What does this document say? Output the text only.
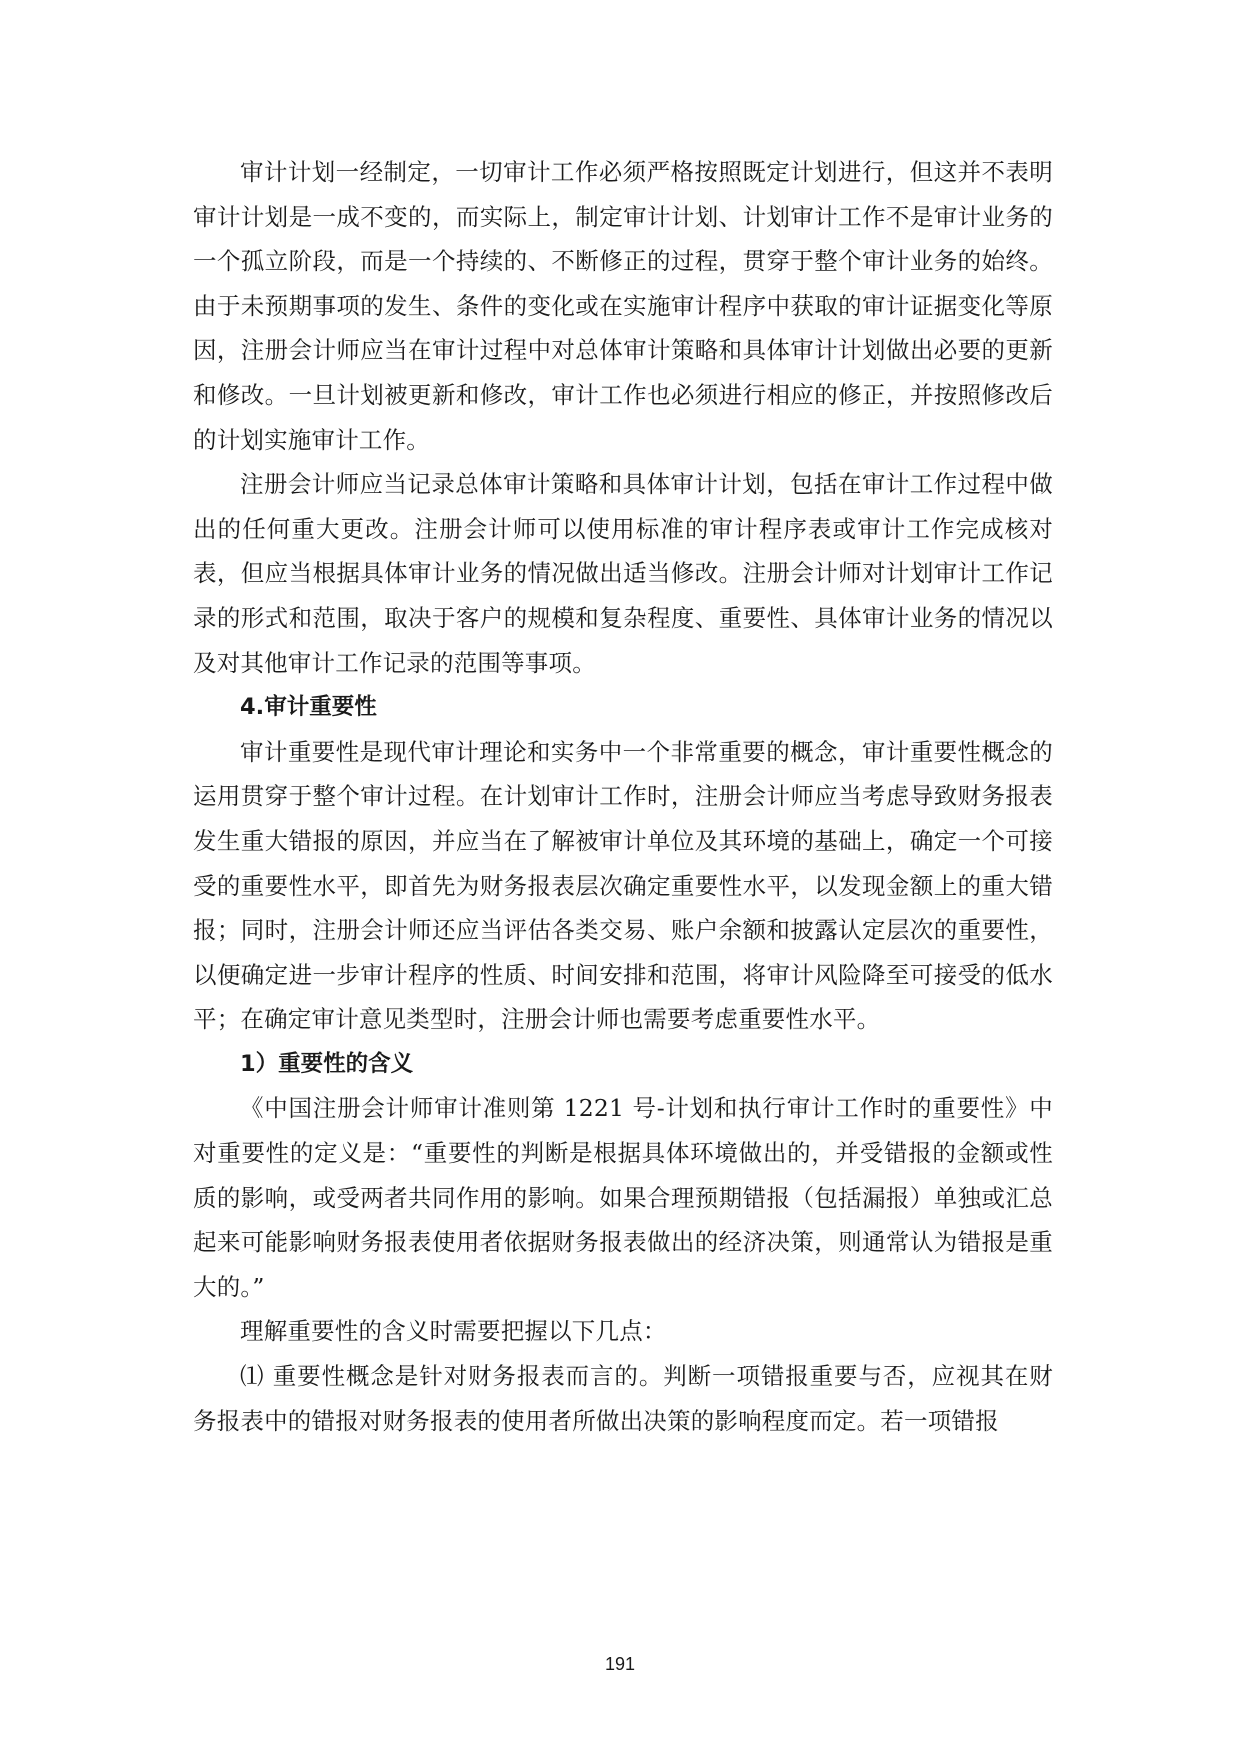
审计计划一经制定，一切审计工作必须严格按照既定计划进行，但这并不表明审计计划是一成不变的，而实际上，制定审计计划、计划审计工作不是审计业务的一个孤立阶段，而是一个持续的、不断修正的过程，贯穿于整个审计业务的始终。由于未预期事项的发生、条件的变化或在实施审计程序中获取的审计证据变化等原因，注册会计师应当在审计过程中对总体审计策略和具体审计计划做出必要的更新和修改。一旦计划被更新和修改，审计工作也必须进行相应的修正，并按照修改后的计划实施审计工作。

注册会计师应当记录总体审计策略和具体审计计划，包括在审计工作过程中做出的任何重大更改。注册会计师可以使用标准的审计程序表或审计工作完成核对表，但应当根据具体审计业务的情况做出适当修改。注册会计师对计划审计工作记录的形式和范围，取决于客户的规模和复杂程度、重要性、具体审计业务的情况以及对其他审计工作记录的范围等事项。

4.审计重要性

审计重要性是现代审计理论和实务中一个非常重要的概念，审计重要性概念的运用贯穿于整个审计过程。在计划审计工作时，注册会计师应当考虑导致财务报表发生重大错报的原因，并应当在了解被审计单位及其环境的基础上，确定一个可接受的重要性水平，即首先为财务报表层次确定重要性水平，以发现金额上的重大错报；同时，注册会计师还应当评估各类交易、账户余额和披露认定层次的重要性，以便确定进一步审计程序的性质、时间安排和范围，将审计风险降至可接受的低水平；在确定审计意见类型时，注册会计师也需要考虑重要性水平。

1）重要性的含义

《中国注册会计师审计准则第 1221 号-计划和执行审计工作时的重要性》中对重要性的定义是：“重要性的判断是根据具体环境做出的，并受错报的金额或性质的影响，或受两者共同作用的影响。如果合理预期错报（包括漏报）单独或汇总起来可能影响财务报表使用者依据财务报表做出的经济决策，则通常认为错报是重大的。”

理解重要性的含义时需要把握以下几点：

⑴ 重要性概念是针对财务报表而言的。判断一项错报重要与否，应视其在财务报表中的错报对财务报表的使用者所做出决策的影响程度而定。若一项错报

191
